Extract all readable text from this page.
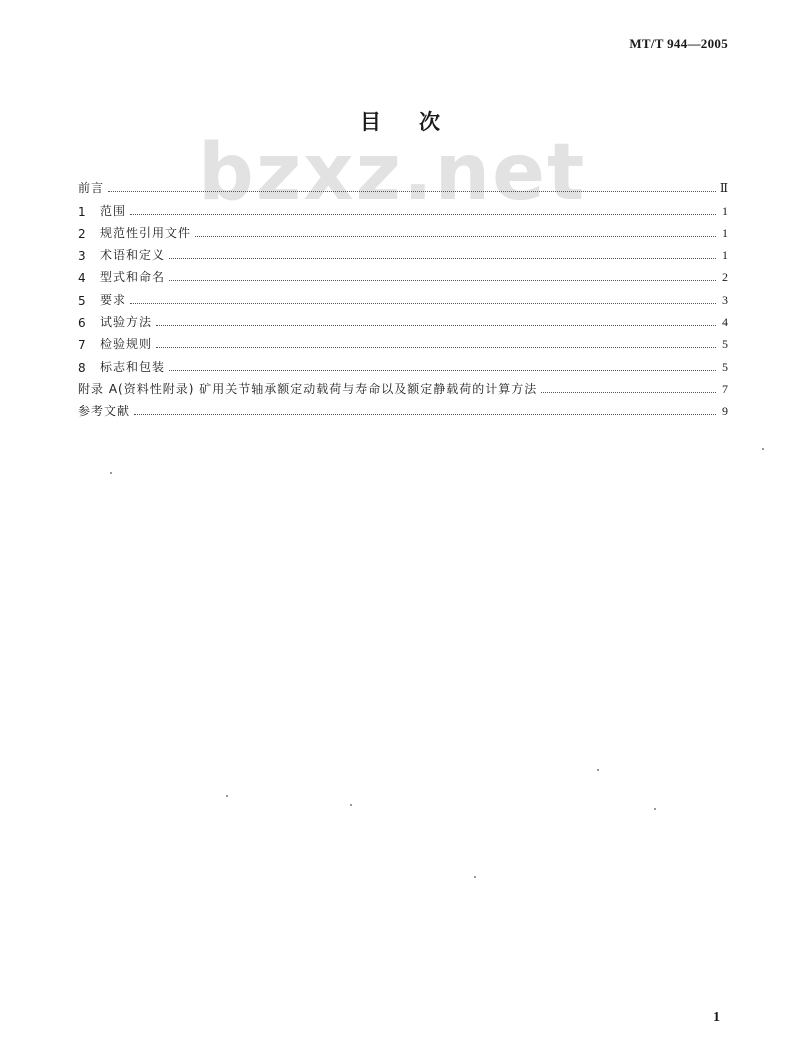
MT/T 944—2005
bzxz.net
目次
前言	Ⅱ
1	范围	1
2	规范性引用文件	1
3	术语和定义	1
4	型式和命名	2
5	要求	3
6	试验方法	4
7	检验规则	5
8	标志和包装	5
附录 A(资料性附录) 矿用关节轴承额定动载荷与寿命以及额定静载荷的计算方法	7
参考文献	9
1
